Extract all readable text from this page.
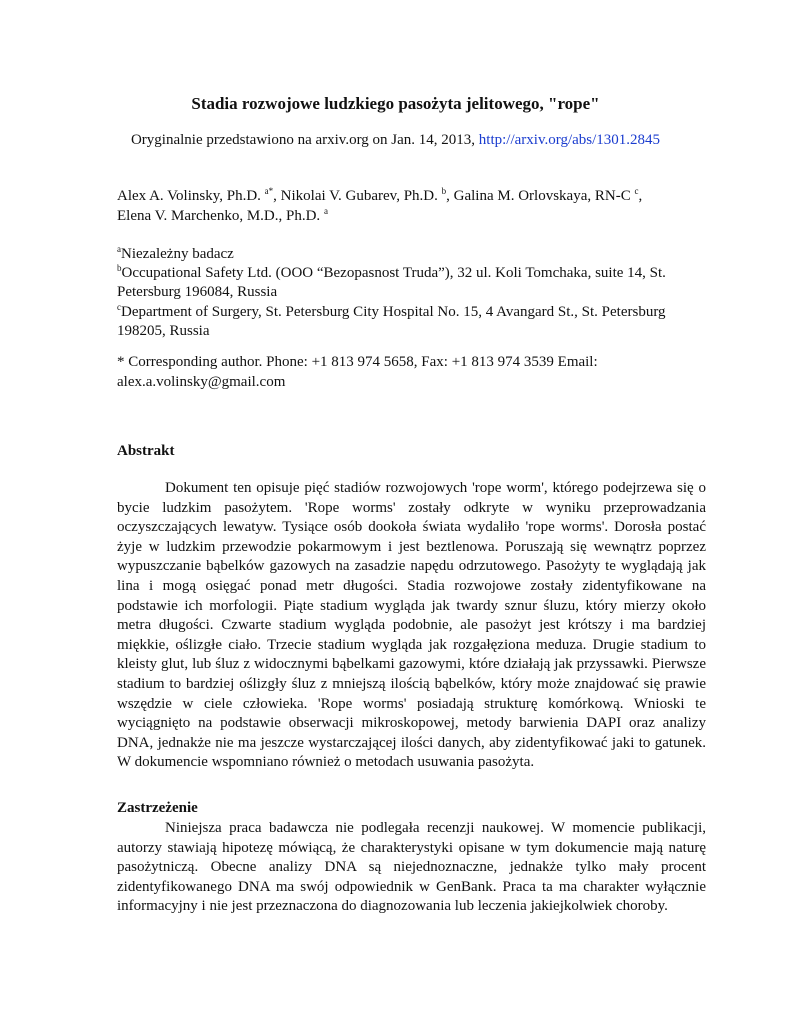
Stadia rozwojowe ludzkiego pasożyta jelitowego, "rope"
Oryginalnie przedstawiono na arxiv.org on Jan. 14, 2013, http://arxiv.org/abs/1301.2845
Alex A. Volinsky, Ph.D. $^{a*}$, Nikolai V. Gubarev, Ph.D. $^b$, Galina M. Orlovskaya, RN-C $^c$,
Elena V. Marchenko, M.D., Ph.D. $^a$
$^a$Niezależny badacz
$^b$Occupational Safety Ltd. (OOO “Bezopasnost Truda”), 32 ul. Koli Tomchaka, suite 14, St. Petersburg 196084, Russia
$^c$Department of Surgery, St. Petersburg City Hospital No. 15, 4 Avangard St., St. Petersburg 198205, Russia
* Corresponding author. Phone: +1 813 974 5658, Fax: +1 813 974 3539 Email: alex.a.volinsky@gmail.com
Abstrakt
Dokument ten opisuje pięć stadiów rozwojowych 'rope worm', którego podejrzewa się o bycie ludzkim pasożytem. 'Rope worms' zostały odkryte w wyniku przeprowadzania oczyszczających lewatyw. Tysiące osób dookoła świata wydaliło 'rope worms'. Dorosła postać żyje w ludzkim przewodzie pokarmowym i jest beztlenowa. Poruszają się wewnątrz poprzez wypuszczanie bąbelków gazowych na zasadzie napędu odrzutowego. Pasożyty te wyglądają jak lina i mogą osięgać ponad metr długości. Stadia rozwojowe zostały zidentyfikowane na podstawie ich morfologii. Piąte stadium wygląda jak twardy sznur śluzu, który mierzy około metra długości. Czwarte stadium wygląda podobnie, ale pasożyt jest krótszy i ma bardziej miękkie, oślizgłe ciało. Trzecie stadium wygląda jak rozgałęziona meduza. Drugie stadium to kleisty glut, lub śluz z widocznymi bąbelkami gazowymi, które działają jak przyssawki. Pierwsze stadium to bardziej oślizgły śluz z mniejszą ilością bąbelków, który może znajdować się prawie wszędzie w ciele człowieka. 'Rope worms' posiadają strukturę komórkową. Wnioski te wyciągnięto na podstawie obserwacji mikroskopowej, metody barwienia DAPI oraz analizy DNA, jednakże nie ma jeszcze wystarczającej ilości danych, aby zidentyfikować jaki to gatunek. W dokumencie wspomniano również o metodach usuwania pasożyta.
Zastrzeżenie
Niniejsza praca badawcza nie podlegała recenzji naukowej. W momencie publikacji, autorzy stawiają hipotezę mówiącą, że charakterystyki opisane w tym dokumencie mają naturę pasożytniczą. Obecne analizy DNA są niejednoznaczne, jednakże tylko mały procent zidentyfikowanego DNA ma swój odpowiednik w GenBank. Praca ta ma charakter wyłącznie informacyjny i nie jest przeznaczona do diagnozowania lub leczenia jakiejkolwiek choroby.
